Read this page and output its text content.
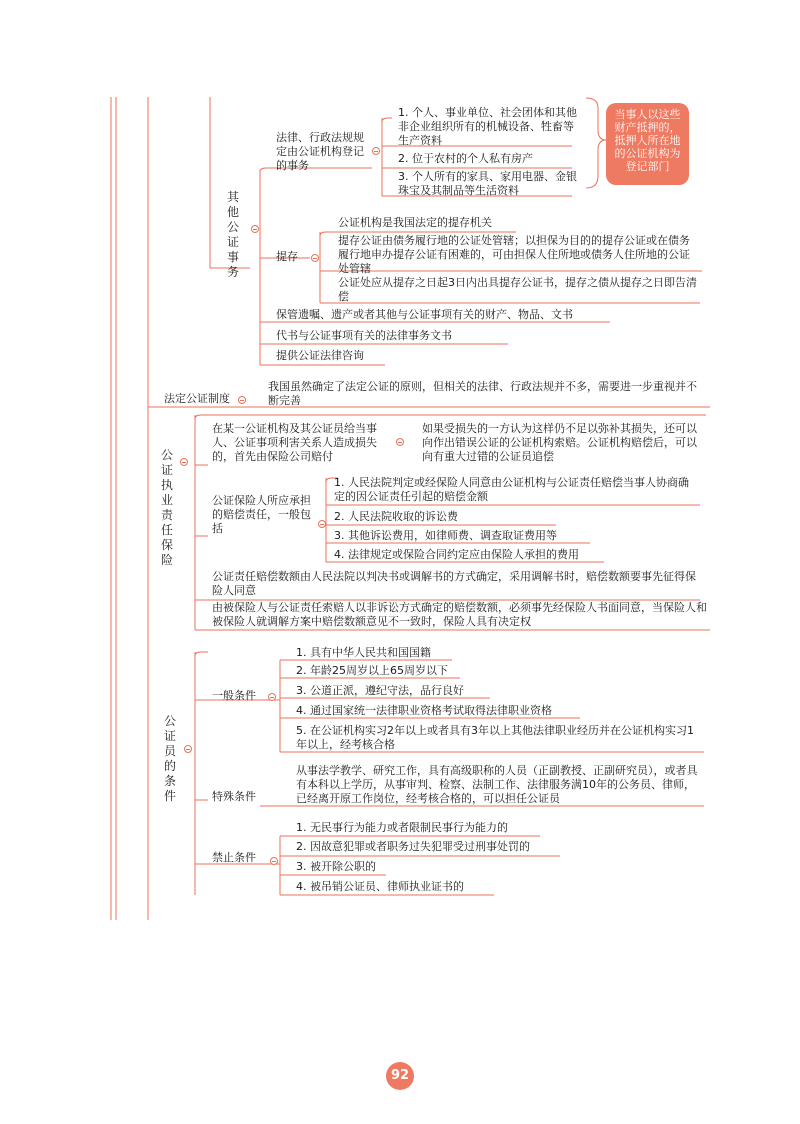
其他公证事务
法律、行政法规规定由公证机构登记的事务
1. 个人、事业单位、社会团体和其他非企业组织所有的机械设备、牲畜等生产资料
2. 位于农村的个人私有房产
3. 个人所有的家具、家用电器、金银珠宝及其制品等生活资料
当事人以这些财产抵押的，抵押人所在地的公证机构为登记部门
提存
公证机构是我国法定的提存机关
提存公证由债务履行地的公证处管辖；以担保为目的的提存公证或在债务履行地申办提存公证有困难的，可由担保人住所地或债务人住所地的公证处管辖
公证处应从提存之日起3日内出具提存公证书，提存之债从提存之日即告清偿
保管遗嘱、遗产或者其他与公证事项有关的财产、物品、文书
代书与公证事项有关的法律事务文书
提供公证法律咨询
法定公证制度
我国虽然确定了法定公证的原则，但相关的法律、行政法规并不多，需要进一步重视并不断完善
公证执业责任保险
在某一公证机构及其公证员给当事人、公证事项利害关系人造成损失的，首先由保险公司赔付
如果受损失的一方认为这样仍不足以弥补其损失，还可以向作出错误公证的公证机构索赔。公证机构赔偿后，可以向有重大过错的公证员追偿
公证保险人所应承担的赔偿责任，一般包括
1. 人民法院判定或经保险人同意由公证机构与公证责任赔偿当事人协商确定的因公证责任引起的赔偿金额
2. 人民法院收取的诉讼费
3. 其他诉讼费用，如律师费、调查取证费用等
4. 法律规定或保险合同约定应由保险人承担的费用
公证责任赔偿数额由人民法院以判决书或调解书的方式确定，采用调解书时，赔偿数额要事先征得保险人同意
由被保险人与公证责任索赔人以非诉讼方式确定的赔偿数额，必须事先经保险人书面同意，当保险人和被保险人就调解方案中赔偿数额意见不一致时，保险人具有决定权
公证员的条件
一般条件
1. 具有中华人民共和国国籍
2. 年龄25周岁以上65周岁以下
3. 公道正派，遵纪守法，品行良好
4. 通过国家统一法律职业资格考试取得法律职业资格
5. 在公证机构实习2年以上或者具有3年以上其他法律职业经历并在公证机构实习1年以上，经考核合格
特殊条件
从事法学教学、研究工作，具有高级职称的人员（正副教授、正副研究员），或者具有本科以上学历，从事审判、检察、法制工作、法律服务满10年的公务员、律师，已经离开原工作岗位，经考核合格的，可以担任公证员
禁止条件
1. 无民事行为能力或者限制民事行为能力的
2. 因故意犯罪或者职务过失犯罪受过刑事处罚的
3. 被开除公职的
4. 被吊销公证员、律师执业证书的
92
